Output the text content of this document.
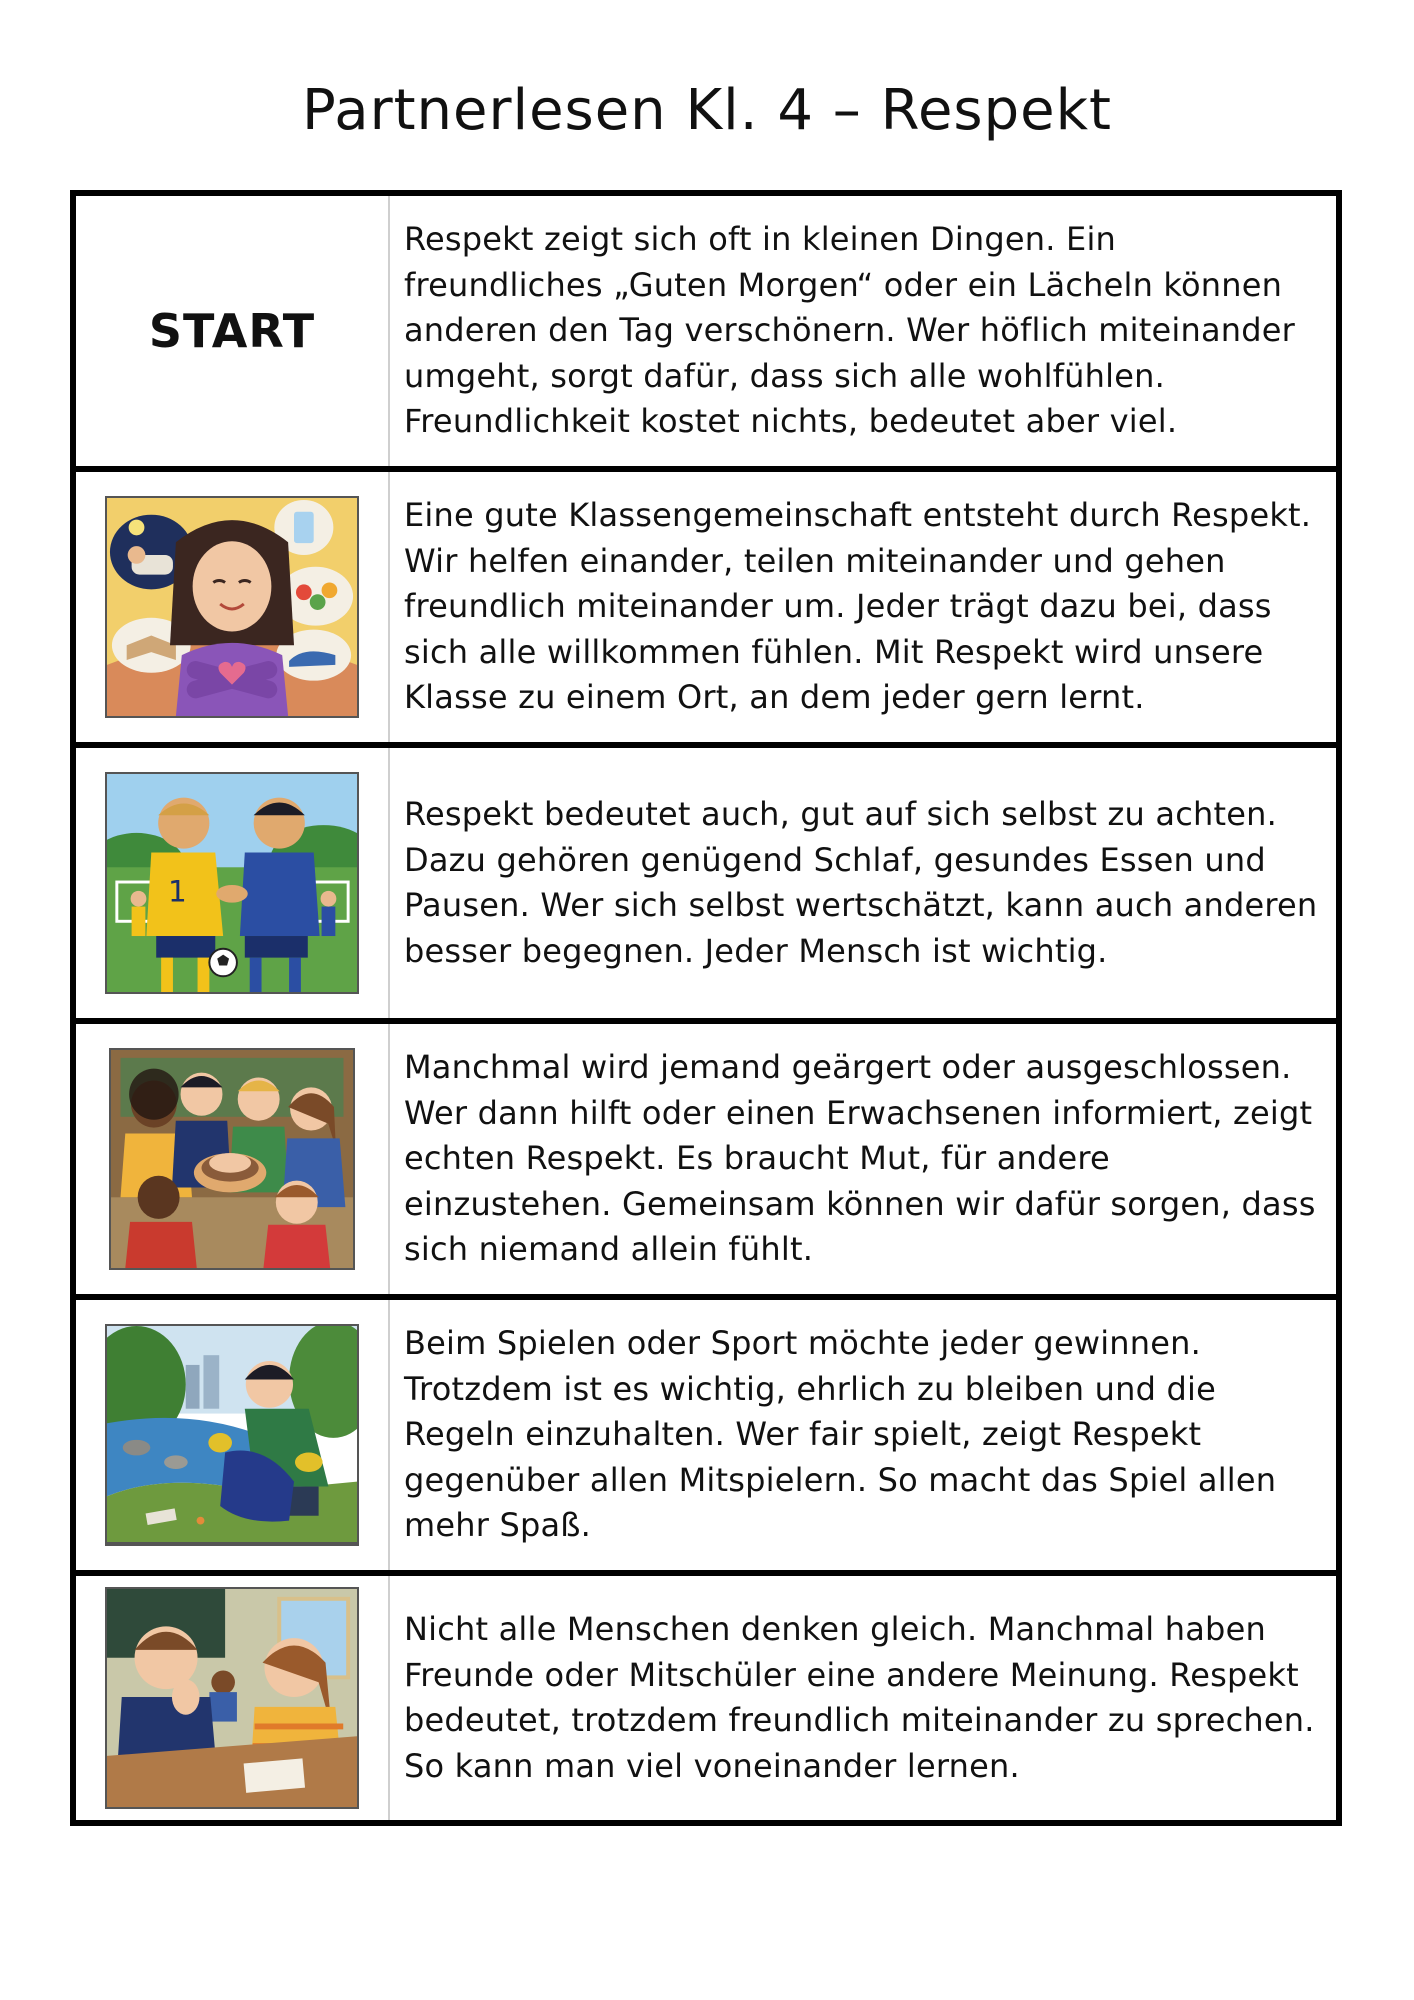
Partnerlesen Kl. 4 – Respekt
START
Respekt zeigt sich oft in kleinen Dingen. Ein freundliches „Guten Morgen“ oder ein Lächeln können anderen den Tag verschönern. Wer höflich miteinander umgeht, sorgt dafür, dass sich alle wohlfühlen. Freundlichkeit kostet nichts, bedeutet aber viel.
Eine gute Klassengemeinschaft entsteht durch Respekt. Wir helfen einander, teilen miteinander und gehen freundlich miteinander um. Jeder trägt dazu bei, dass sich alle willkommen fühlen. Mit Respekt wird unsere Klasse zu einem Ort, an dem jeder gern lernt.
1
Respekt bedeutet auch, gut auf sich selbst zu achten. Dazu gehören genügend Schlaf, gesundes Essen und Pausen. Wer sich selbst wertschätzt, kann auch anderen besser begegnen. Jeder Mensch ist wichtig.
Manchmal wird jemand geärgert oder ausgeschlossen. Wer dann hilft oder einen Erwachsenen informiert, zeigt echten Respekt. Es braucht Mut, für andere einzustehen. Gemeinsam können wir dafür sorgen, dass sich niemand allein fühlt.
Beim Spielen oder Sport möchte jeder gewinnen. Trotzdem ist es wichtig, ehrlich zu bleiben und die Regeln einzuhalten. Wer fair spielt, zeigt Respekt gegenüber allen Mitspielern. So macht das Spiel allen mehr Spaß.
Nicht alle Menschen denken gleich. Manchmal haben Freunde oder Mitschüler eine andere Meinung. Respekt bedeutet, trotzdem freundlich miteinander zu sprechen. So kann man viel voneinander lernen.
